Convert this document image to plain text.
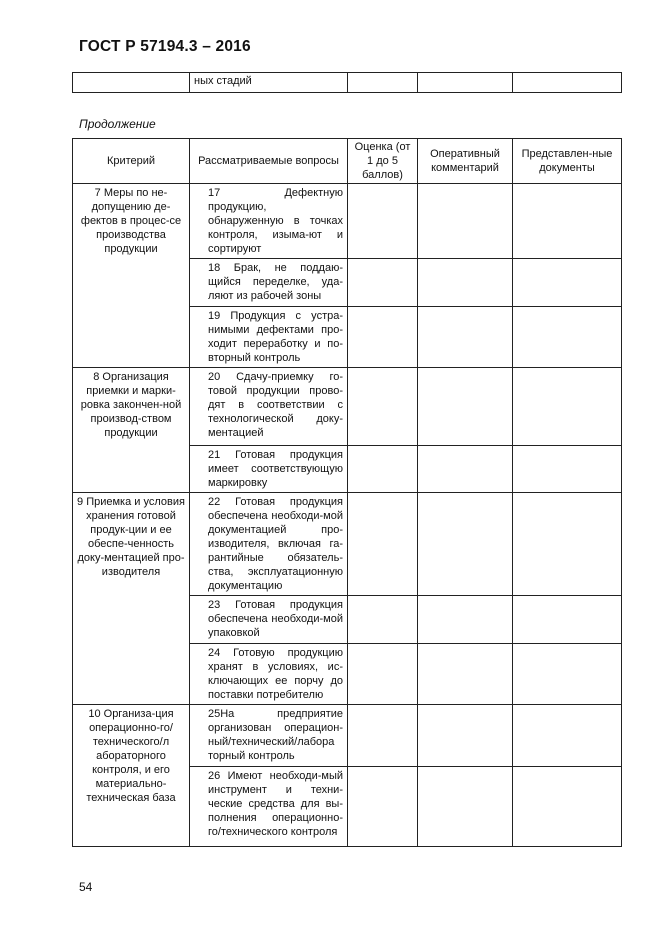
ГОСТ Р 57194.3 – 2016
	ных стадий			
Продолжение
Критерий	Рассматриваемые вопросы	Оценка (от 1 до 5 баллов)	Оперативный комментарий	Представлен-ные документы
7 Меры по не-допущению де-фектов в процес-се производства продукции	17 Дефектную продукцию, обнаруженную в точках контроля, изыма-ют и сортируют			

	18 Брак, не поддаю-щийся переделке, уда-ляют из рабочей зоны			

	19 Продукция с устра-нимыми дефектами про-ходит переработку и по-вторный контроль			

8 Организация приемки и марки-ровка закончен-ной производ-ством продукции	20 Сдачу-приемку го-товой продукции прово-дят в соответствии с технологической доку-ментацией			

	21 Готовая продукция имеет соответствующую маркировку			

9 Приемка и условия хранения готовой продук-ции и ее обеспе-ченность доку-ментацией про-изводителя	22 Готовая продукция обеспечена необходи-мой документацией про-изводителя, включая га-рантийные обязатель-ства, эксплуатационную документацию			

	23 Готовая продукция обеспечена необходи-мой упаковкой			

	24 Готовую продукцию хранят в условиях, ис-ключающих ее порчу до поставки потребителю			

10 Организа-ция операционно-го/технического/л абораторного контроля, и его материально-техническая база	25На предприятие организован операцион-ный/технический/лабора торный контроль			

	26 Имеют необходи-мый инструмент и техни-ческие средства для вы-полнения операционно-го/технического контроля			

54
